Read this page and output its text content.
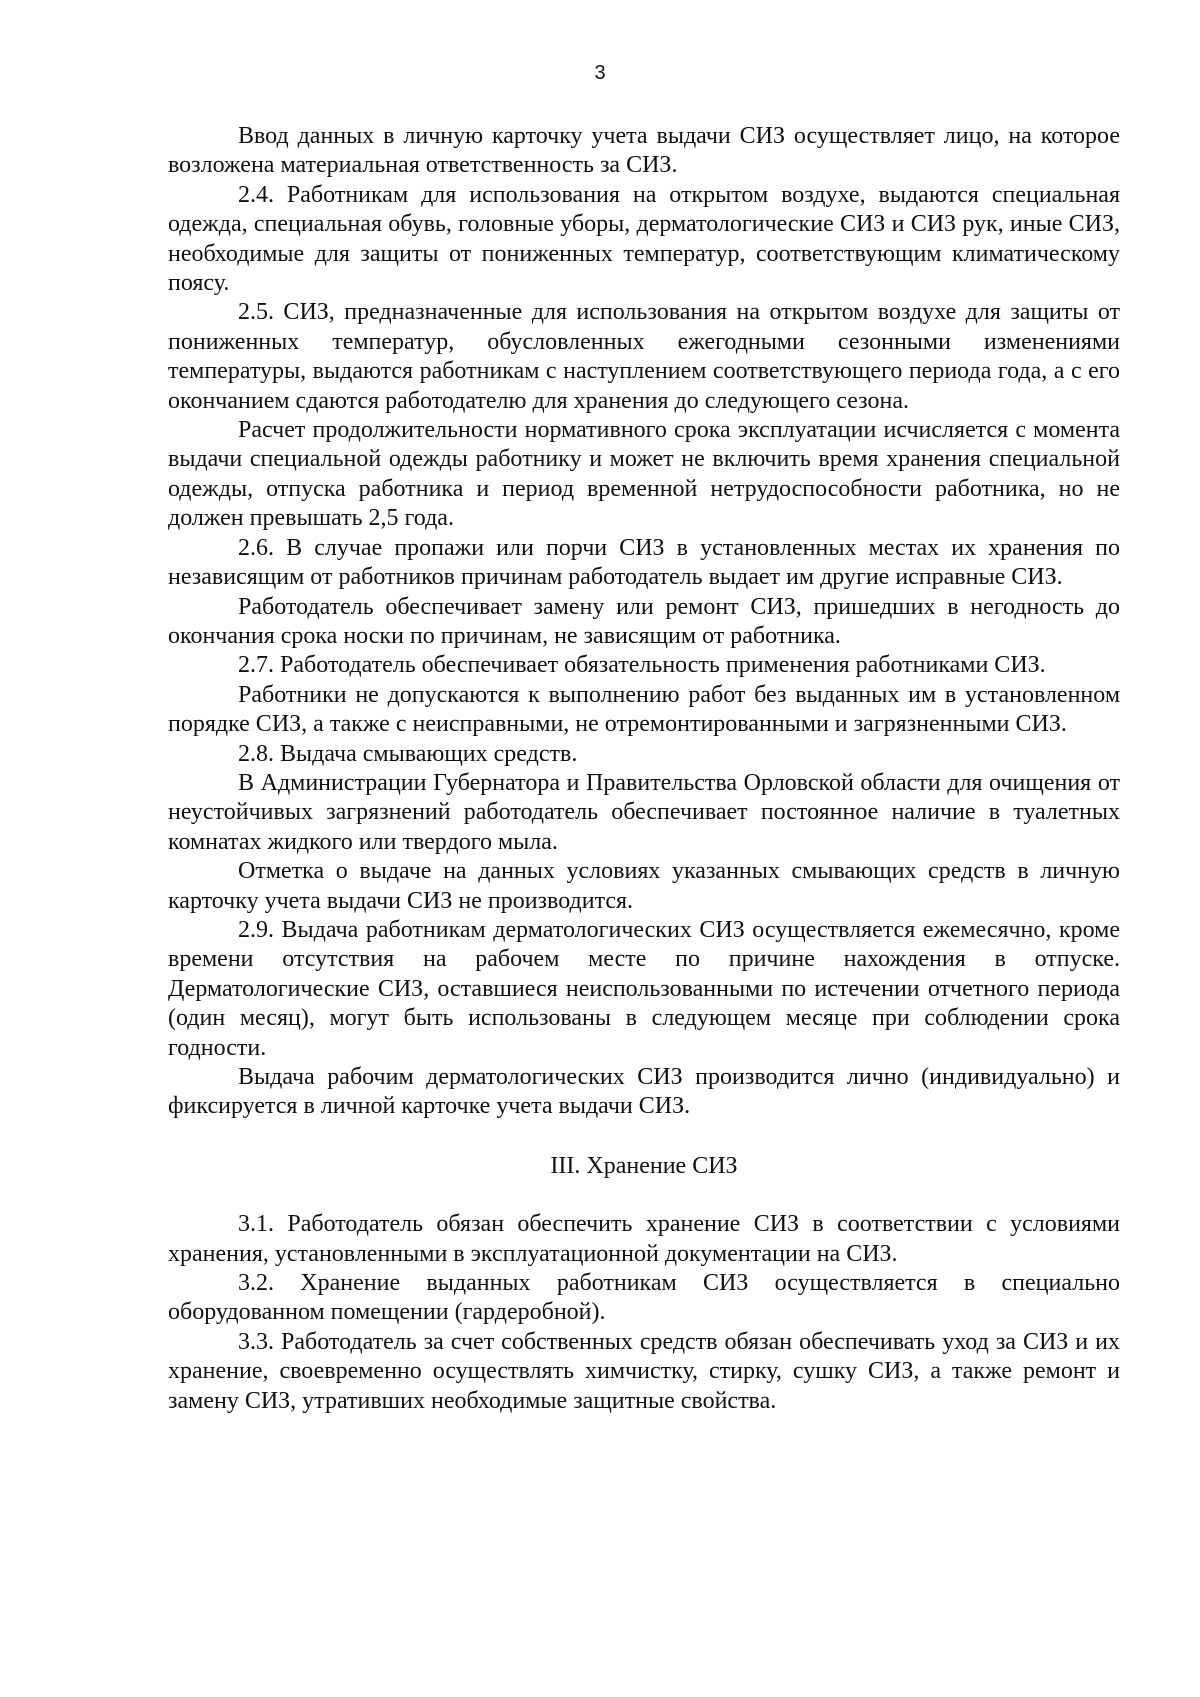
3

Ввод данных в личную карточку учета выдачи СИЗ осуществляет лицо, на которое возложена материальная ответственность за СИЗ.

2.4. Работникам для использования на открытом воздухе, выдаются специальная одежда, специальная обувь, головные уборы, дерматологические СИЗ и СИЗ рук, иные СИЗ, необходимые для защиты от пониженных температур, соответствующим климатическому поясу.

2.5. СИЗ, предназначенные для использования на открытом воздухе для защиты от пониженных температур, обусловленных ежегодными сезонными изменениями температуры, выдаются работникам с наступлением соответствующего периода года, а с его окончанием сдаются работодателю для хранения до следующего сезона.

Расчет продолжительности нормативного срока эксплуатации исчисляется с момента выдачи специальной одежды работнику и может не включить время хранения специальной одежды, отпуска работника и период временной нетрудоспособности работника, но не должен превышать 2,5 года.

2.6. В случае пропажи или порчи СИЗ в установленных местах их хранения по независящим от работников причинам работодатель выдает им другие исправные СИЗ.

Работодатель обеспечивает замену или ремонт СИЗ, пришедших в негодность до окончания срока носки по причинам, не зависящим от работника.

2.7. Работодатель обеспечивает обязательность применения работниками СИЗ.

Работники не допускаются к выполнению работ без выданных им в установленном порядке СИЗ, а также с неисправными, не отремонтированными и загрязненными СИЗ.

2.8. Выдача смывающих средств.

В Администрации Губернатора и Правительства Орловской области для очищения от неустойчивых загрязнений работодатель обеспечивает постоянное наличие в туалетных комнатах жидкого или твердого мыла.

Отметка о выдаче на данных условиях указанных смывающих средств в личную карточку учета выдачи СИЗ не производится.

2.9. Выдача работникам дерматологических СИЗ осуществляется ежемесячно, кроме времени отсутствия на рабочем месте по причине нахождения в отпуске. Дерматологические СИЗ, оставшиеся неиспользованными по истечении отчетного периода (один месяц), могут быть использованы в следующем месяце при соблюдении срока годности.

Выдача рабочим дерматологических СИЗ производится лично (индивидуально) и фиксируется в личной карточке учета выдачи СИЗ.

III. Хранение СИЗ

3.1. Работодатель обязан обеспечить хранение СИЗ в соответствии с условиями хранения, установленными в эксплуатационной документации на СИЗ.

3.2. Хранение выданных работникам СИЗ осуществляется в специально оборудованном помещении (гардеробной).

3.3. Работодатель за счет собственных средств обязан обеспечивать уход за СИЗ и их хранение, своевременно осуществлять химчистку, стирку, сушку СИЗ, а также ремонт и замену СИЗ, утративших необходимые защитные свойства.
